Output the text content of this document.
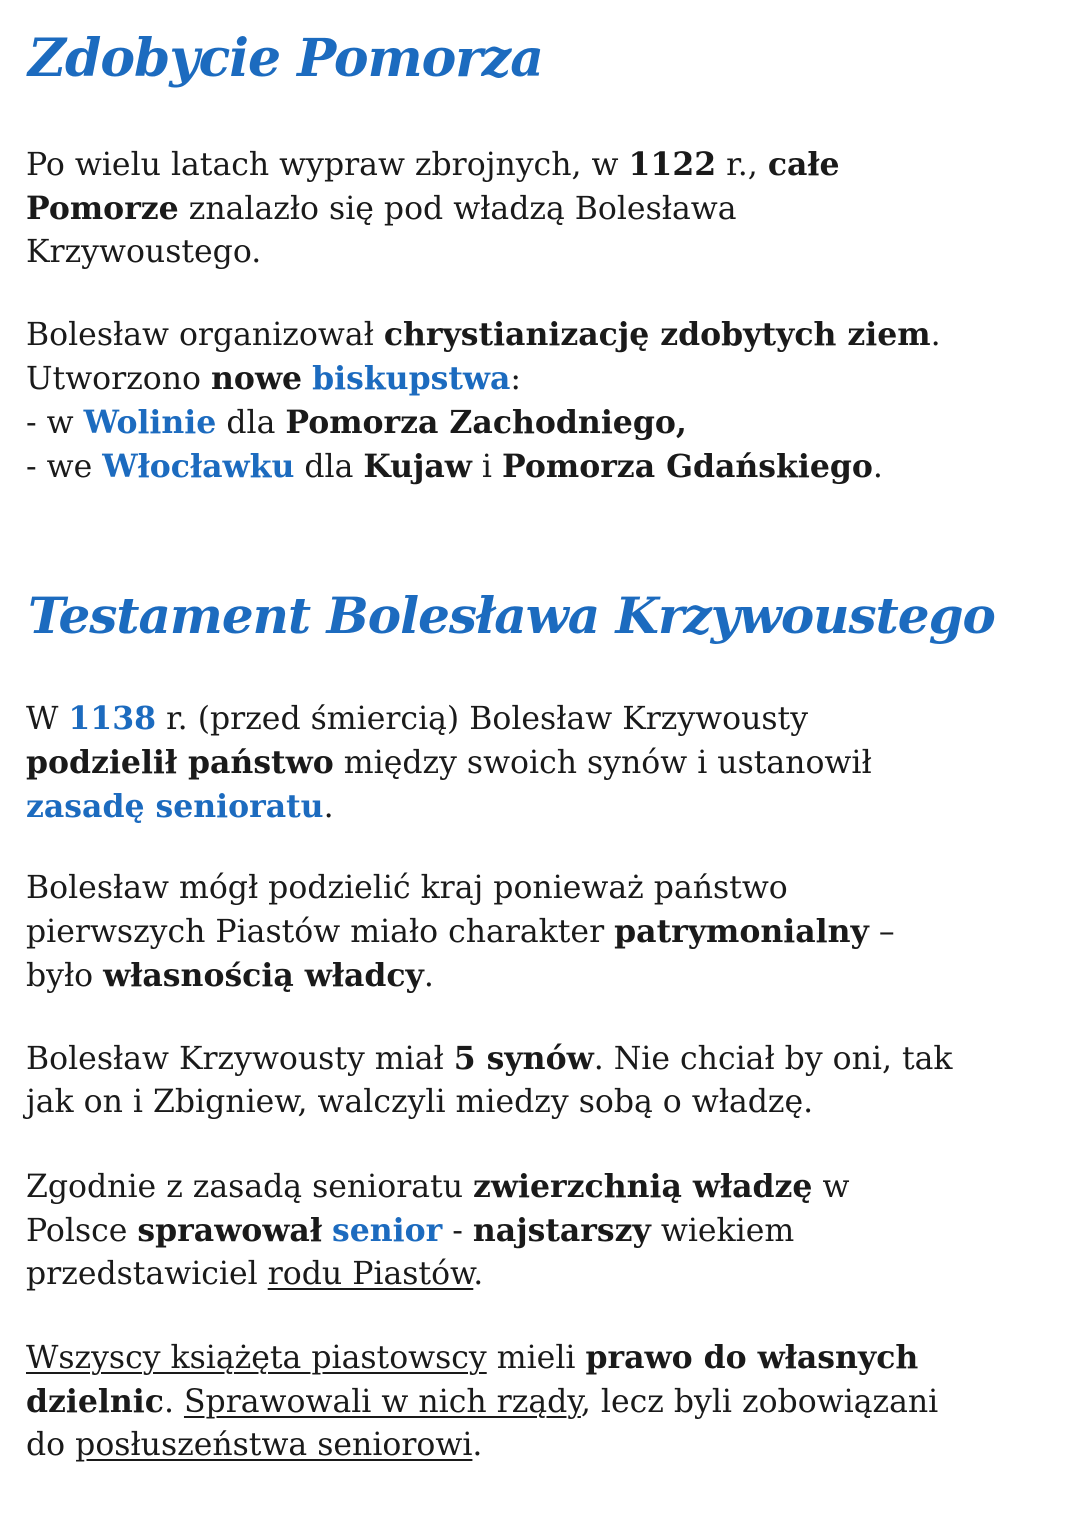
Zdobycie Pomorza

Po wielu latach wypraw zbrojnych, w 1122 r., całe
Pomorze znalazło się pod władzą Bolesława
Krzywoustego.

Bolesław organizował chrystianizację zdobytych ziem.
Utworzono nowe biskupstwa:
- w Wolinie dla Pomorza Zachodniego,
- we Włocławku dla Kujaw i Pomorza Gdańskiego.

Testament Bolesława Krzywoustego

W 1138 r. (przed śmiercią) Bolesław Krzywousty
podzielił państwo między swoich synów i ustanowił
zasadę senioratu.

Bolesław mógł podzielić kraj ponieważ państwo
pierwszych Piastów miało charakter patrymonialny –
było własnością władcy.

Bolesław Krzywousty miał 5 synów. Nie chciał by oni, tak
jak on i Zbigniew, walczyli miedzy sobą o władzę.

Zgodnie z zasadą senioratu zwierzchnią władzę w
Polsce sprawował senior - najstarszy wiekiem
przedstawiciel rodu Piastów.

Wszyscy książęta piastowscy mieli prawo do własnych
dzielnic. Sprawowali w nich rządy, lecz byli zobowiązani
do posłuszeństwa seniorowi.
